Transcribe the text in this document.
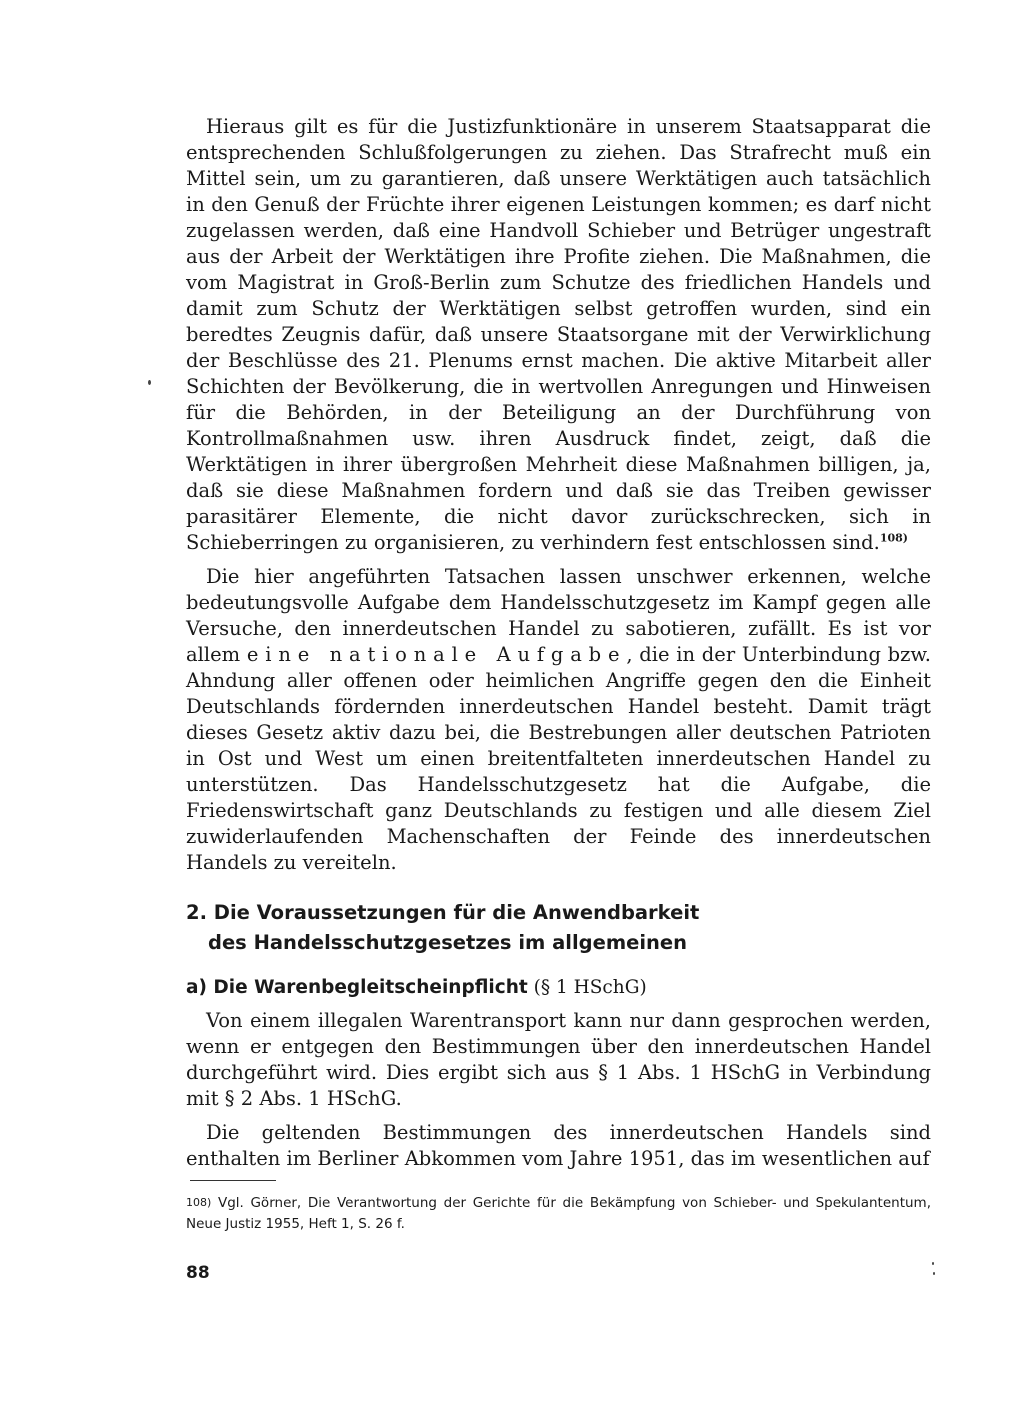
Hieraus gilt es für die Justizfunktionäre in unserem Staatsapparat die entsprechenden Schlußfolgerungen zu ziehen. Das Strafrecht muß ein Mittel sein, um zu garantieren, daß unsere Werktätigen auch tatsächlich in den Genuß der Früchte ihrer eigenen Leistungen kommen; es darf nicht zugelassen werden, daß eine Handvoll Schieber und Betrüger ungestraft aus der Arbeit der Werktätigen ihre Profite ziehen. Die Maßnahmen, die vom Magistrat in Groß-Berlin zum Schutze des friedlichen Handels und damit zum Schutz der Werktätigen selbst getroffen wurden, sind ein beredtes Zeugnis dafür, daß unsere Staatsorgane mit der Verwirklichung der Beschlüsse des 21. Plenums ernst machen. Die aktive Mitarbeit aller Schichten der Bevölkerung, die in wertvollen Anregungen und Hinweisen für die Behörden, in der Beteiligung an der Durchführung von Kontrollmaßnahmen usw. ihren Ausdruck findet, zeigt, daß die Werktätigen in ihrer übergroßen Mehrheit diese Maßnahmen billigen, ja, daß sie diese Maßnahmen fordern und daß sie das Treiben gewisser parasitärer Elemente, die nicht davor zurückschrecken, sich in Schieberringen zu organisieren, zu verhindern fest entschlossen sind.$^{108)}$

Die hier angeführten Tatsachen lassen unschwer erkennen, welche bedeutungsvolle Aufgabe dem Handelsschutzgesetz im Kampf gegen alle Versuche, den innerdeutschen Handel zu sabotieren, zufällt. Es ist vor allem eine nationale Aufgabe, die in der Unterbindung bzw. Ahndung aller offenen oder heimlichen Angriffe gegen den die Einheit Deutschlands fördernden innerdeutschen Handel besteht. Damit trägt dieses Gesetz aktiv dazu bei, die Bestrebungen aller deutschen Patrioten in Ost und West um einen breitentfalteten innerdeutschen Handel zu unterstützen. Das Handelsschutzgesetz hat die Aufgabe, die Friedenswirtschaft ganz Deutschlands zu festigen und alle diesem Ziel zuwiderlaufenden Machenschaften der Feinde des innerdeutschen Handels zu vereiteln.

2. Die Voraussetzungen für die Anwendbarkeit
des Handelsschutzgesetzes im allgemeinen
a) Die Warenbegleitscheinpflicht (§ 1 HSchG)

Von einem illegalen Warentransport kann nur dann gesprochen werden, wenn er entgegen den Bestimmungen über den innerdeutschen Handel durchgeführt wird. Dies ergibt sich aus § 1 Abs. 1 HSchG in Verbindung mit § 2 Abs. 1 HSchG.

Die geltenden Bestimmungen des innerdeutschen Handels sind enthalten im Berliner Abkommen vom Jahre 1951, das im wesentlichen auf

108) Vgl. Görner, Die Verantwortung der Gerichte für die Bekämpfung von Schieber- und Spekulantentum, Neue Justiz 1955, Heft 1, S. 26 f.
88
